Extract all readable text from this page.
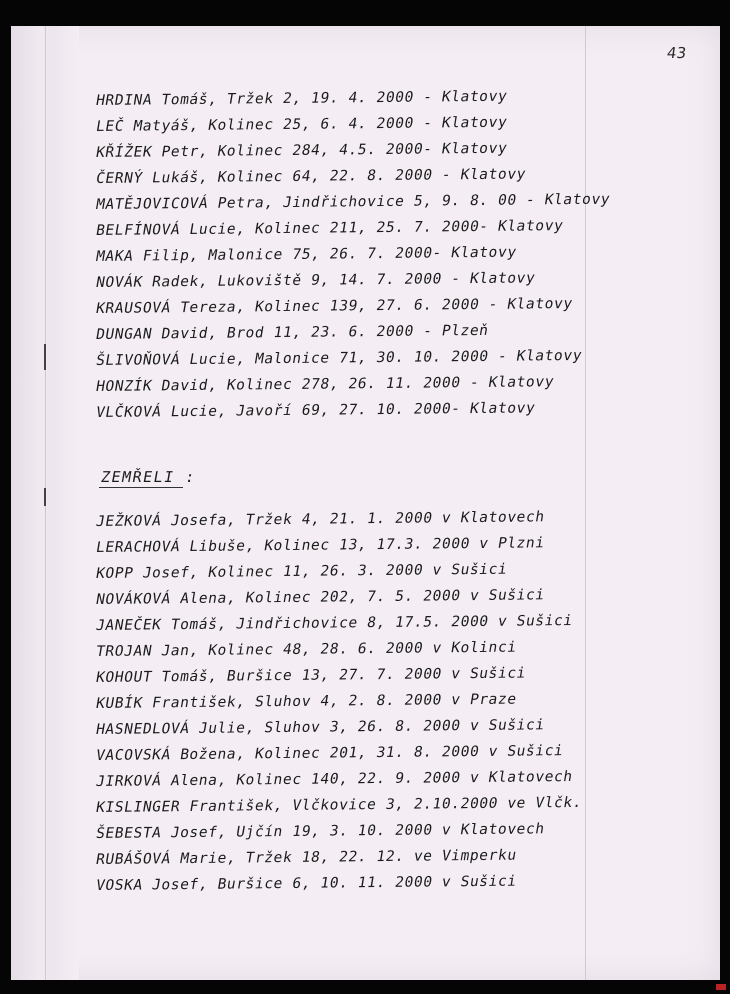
43
HRDINA Tomáš, Tržek 2, 19. 4. 2000 - Klatovy
LEČ Matyáš, Kolinec 25, 6. 4. 2000 - Klatovy
KŘÍŽEK Petr, Kolinec 284, 4.5. 2000- Klatovy
ČERNÝ Lukáš, Kolinec 64, 22. 8. 2000 - Klatovy
MATĚJOVICOVÁ Petra, Jindřichovice 5, 9. 8. 00 - Klatovy
BELFÍNOVÁ Lucie, Kolinec 211, 25. 7. 2000- Klatovy
MAKA Filip, Malonice 75, 26. 7. 2000- Klatovy
NOVÁK Radek, Lukoviště 9, 14. 7. 2000 - Klatovy
KRAUSOVÁ Tereza, Kolinec 139, 27. 6. 2000 - Klatovy
DUNGAN David, Brod 11, 23. 6. 2000 - Plzeň
ŠLIVOŇOVÁ Lucie, Malonice 71, 30. 10. 2000 - Klatovy
HONZÍK David, Kolinec 278, 26. 11. 2000 - Klatovy
VLČKOVÁ Lucie, Javoří 69, 27. 10. 2000- Klatovy
ZEMŘELI :
JEŽKOVÁ Josefa, Tržek 4, 21. 1. 2000 v Klatovech
LERACHOVÁ Libuše, Kolinec 13, 17.3. 2000 v Plzni
KOPP Josef, Kolinec 11, 26. 3. 2000 v Sušici
NOVÁKOVÁ Alena, Kolinec 202, 7. 5. 2000 v Sušici
JANEČEK Tomáš, Jindřichovice 8, 17.5. 2000 v Sušici
TROJAN Jan, Kolinec 48, 28. 6. 2000 v Kolinci
KOHOUT Tomáš, Buršice 13, 27. 7. 2000 v Sušici
KUBÍK František, Sluhov 4, 2. 8. 2000 v Praze
HASNEDLOVÁ Julie, Sluhov 3, 26. 8. 2000 v Sušici
VACOVSKÁ Božena, Kolinec 201, 31. 8. 2000 v Sušici
JIRKOVÁ Alena, Kolinec 140, 22. 9. 2000 v Klatovech
KISLINGER František, Vlčkovice 3, 2.10.2000 ve Vlčk.
ŠEBESTA Josef, Ujčín 19, 3. 10. 2000 v Klatovech
RUBÁŠOVÁ Marie, Tržek 18, 22. 12. ve Vimperku
VOSKA Josef, Buršice 6, 10. 11. 2000 v Sušici
